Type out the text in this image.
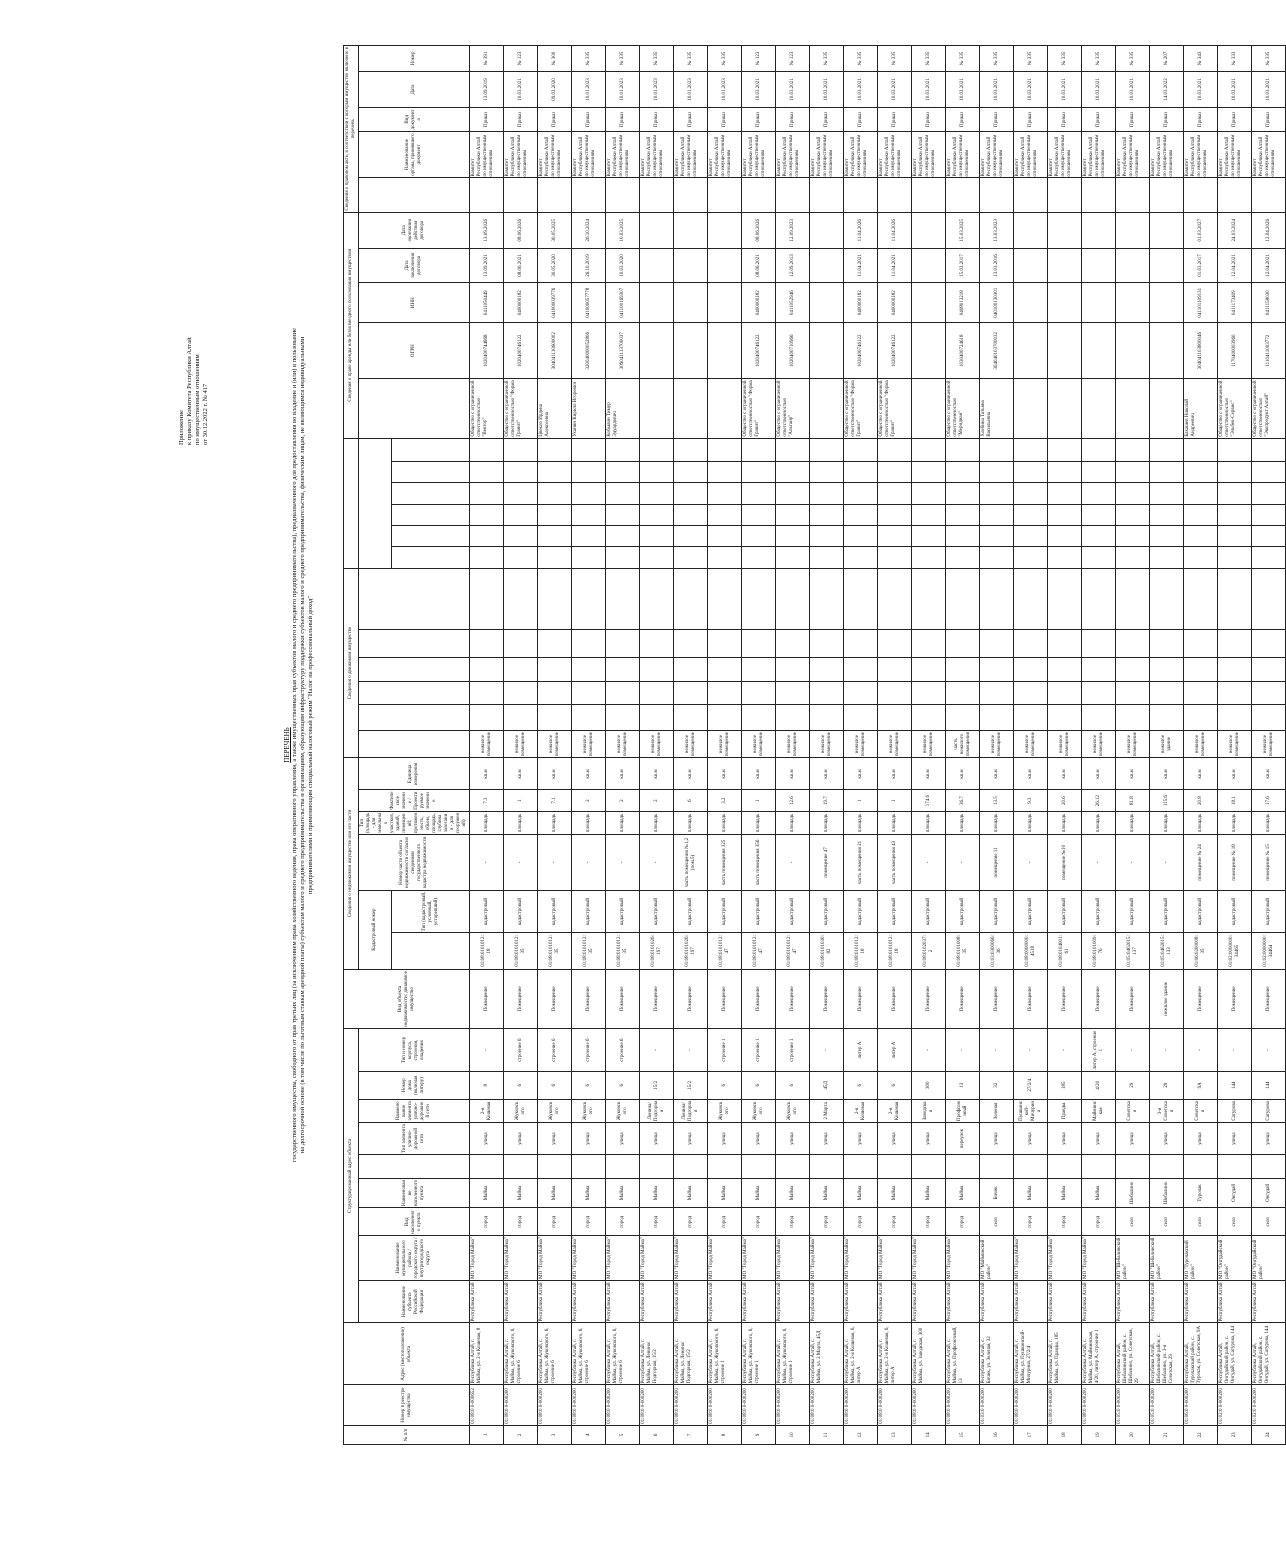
Приложение к приказу Комитета Республики Алтай по имущественным отношениям от 30.12.2022 г. № 417
ПЕРЕЧЕНЬ государственного имущества, свободного от прав третьих лиц (за исключением права хозяйственного ведения, права оперативного управления, а также имущественных прав субъектов малого и среднего предпринимательства), предназначенного для предоставления во владение и (или) в пользование на долгосрочной основе (в том числе по льготным ставкам арендной платы) субъектам малого и среднего предпринимательства и организациям, образующим инфраструктуру поддержки субъектов малого и среднего предпринимательства, физическим лицам, не являющимся индивидуальными предпринимателями и применяющим специальный налоговый режим "Налог на профессиональный доход"
№ п/п	Номер в реестре имущества	Адрес (местоположение) объекта	Структурированный адрес объекта									Вид объекта недвижимости; движимое имущество	Сведения о недвижимом имуществе или его части						Сведения о движимом имуществе												Сведения о праве аренды или безвозмездного пользования имуществом					Сведения о правовом акте, в соответствии с которым имущество включено в перечень				
			Наименование субъекта Российской Федерации	Наименование муниципального района / городского округа / внутригородского округа	Вид населенного пункта	Наименование населенного пункта		Тип элемента улично-дорожной сети	Наименование элемента улично-дорожной сети	Номер дома (включая литеру)	Тип и номер корпуса, строения, владения		Кадастровый номер		Номер части объекта недвижимости согласно сведениям государственного кадастра недвижимости	Тип (площадь - для земельных участков, зданий, помещений; протяженность, объем, площадь, глубина залегания - для сооружений)	Фактическое значение / Проектируемое значение	Единица измерения														ОГРН	ИНН	Дата заключения договора	Дата окончания действия договора		Наименование органа, принявшего документ	Вид документа	Дата	Номер
														Тип (кадастровый, условный, устаревший)																										
1	01:08:0 0-000652	Республика Алтай, г. Майма, ул. 2-я Кошевая, 8	Республика Алтай	МО "Город Майма"	город	Майма		улица	2-я Кошевая	8	-	Помещение	01:08:0101012:18	кадастровый	-	площадь	7.3	кв.м	нежилое помещение												Общество с ограниченной ответственностью "Вектор"	1020400744868	0411050449	13.09.2021	13.09.2026		Комитет Республики Алтай по имущественным отношениям	Приказ	13.09.2019	№ 391
2	01:08:0 0-000200	Республика Алтай, г. Майма, ул. Жуковского, 6, строение 6	Республика Алтай	МО "Город Майма"	город	Майма		улица	Жуковского	6	строение 6	Помещение	01:08:0101012:35	кадастровый	-	площадь	1	кв.м	нежилое помещение												Общество с ограниченной ответственностью "Форма Гранит"	1020400746122	0400000182	08.06.2021	08.06.2026		Комитет Республики Алтай по имущественным отношениям	Приказ	10.03.2021	№ 123
3	01:08:0 0-000200	Республика Алтай, г. Майма, ул. Жуковского, 6, строение 6	Республика Алтай	МО "Город Майма"	город	Майма		улица	Жуковского	6	строение 6	Помещение	01:08:0101012:35	кадастровый	-	площадь	7.1	кв.м	нежилое помещение												Цвекло Ирдена Алексеевна	304041110600002	041000039776	30.05.2020	30.05.2025		Комитет Республики Алтай по имущественным отношениям	Приказ	09.03.2020	№ 300
4	01:08:0 0-000200	Республика Алтай, г. Майма, ул. Жуковского, 6, строение 6	Республика Алтай	МО "Город Майма"	город	Майма		улица	Жуковского	6	строение 6	Помещение	01:08:0101012:35	кадастровый	-	площадь	2	кв.м	нежилое помещение												Уханин Кирилл Игоревич	320040000052806	041000057778	26.10.2019	26.10.2024		Комитет Республики Алтай по имущественным отношениям	Приказ	10.01.2023	№ 335
5	01:08:0 0-000200	Республика Алтай, г. Майма, ул. Жуковского, 6, строение 6	Республика Алтай	МО "Город Майма"	город	Майма		улица	Жуковского	6	строение 6	Помещение	01:08:0101012:35	кадастровый	-	площадь	2	кв.м	нежилое помещение												Кобылин Тимур Эдуардович	309041113700037	041100169307	10.03.2020	10.03.2025		Комитет Республики Алтай по имущественным отношениям	Приказ	10.01.2023	№ 335
6	01:08:0 0-000200	Республика Алтай, г. Майма, ул. Ленина/Подгорная, 15/2	Республика Алтай	МО "Город Майма"	город	Майма		улица	Ленина/Подгорная	15/2	-	Помещение	01:08:0101026:197	кадастровый	-	площадь	2	кв.м	нежилое помещение																		Комитет Республики Алтай по имущественным отношениям	Приказ	10.01.2023	№ 335
7	01:08:0 0-000200	Республика Алтай, г. Майма, ул. Ленина/Подгорная, 15/2	Республика Алтай	МО "Город Майма"	город	Майма		улица	Ленина/Подгорная	15/2	-	Помещение	01:08:0101026:197	кадастровый	часть помещения №1,2 (пом.5)	площадь	6	кв.м	нежилое помещение																		Комитет Республики Алтай по имущественным отношениям	Приказ	10.01.2023	№ 335
8	01:08:0 0-000200	Республика Алтай, г. Майма, ул. Жуковского, 6, строение 1	Республика Алтай	МО "Город Майма"	город	Майма		улица	Жуковского	6	строение 1	Помещение	01:08:0101012:47	кадастровый	часть помещения 325	площадь	3.2	кв.м	нежилое помещение																		Комитет Республики Алтай по имущественным отношениям	Приказ	10.01.2023	№ 335
9	01:08:0 0-000200	Республика Алтай, г. Майма, ул. Жуковского, 6, строение 1	Республика Алтай	МО "Город Майма"	город	Майма		улица	Жуковского	6	строение 1	Помещение	01:08:0101012:47	кадастровый	часть помещения 356	площадь	1	кв.м	нежилое помещение												Общество с ограниченной ответственностью "Форма Гранит"	1020400746122	0400000182	08.06.2021	08.06.2026		Комитет Республики Алтай по имущественным отношениям	Приказ	10.03.2021	№ 123
10	01:08:0 0-000200	Республика Алтай, г. Майма, ул. Жуковского, 6, строение 1	Республика Алтай	МО "Город Майма"	город	Майма		улица	Жуковского	6	строение 1	Помещение	01:08:0101012:47	кадастровый	-	площадь	12.6	кв.м	нежилое помещение												Общество с ограниченной ответственностью "Альтаир"	1020400710966	0411052946	12.09.2013	12.09.2023		Комитет Республики Алтай по имущественным отношениям	Приказ	10.03.2021	№ 123
11	01:08:0 0-000200	Республика Алтай, г. Майма, ул. 2 Марта, 45Д	Республика Алтай	МО "Город Майма"	город	Майма		улица	2 Марта	45Д	-	Помещение	01:08:0101030:82	кадастровый	помещение 47	площадь	19.7	кв.м	нежилое помещение																		Комитет Республики Алтай по имущественным отношениям	Приказ	10.03.2021	№ 335
12	01:08:0 0-000200	Республика Алтай, г. Майма, ул. 2-я Кошевая, 6, литер А	Республика Алтай	МО "Город Майма"	город	Майма		улица	2-я Кошевая	6	литер А	Помещение	01:08:0101012:18	кадастровый	часть помещения 21	площадь	1	кв.м	нежилое помещение												Общество с ограниченной ответственностью "Форма Гранит"	1020400746122	0400000182	11.04.2021	11.04.2026		Комитет Республики Алтай по имущественным отношениям	Приказ	10.03.2021	№ 335
13	01:08:0 0-000200	Республика Алтай, г. Майма, ул. 2-я Кошевая, 6, литер А	Республика Алтай	МО "Город Майма"	город	Майма		улица	2-я Кошевая	6	литер А	Помещение	01:08:0101012:18	кадастровый	часть помещения 43	площадь	1	кв.м	нежилое помещение												Общество с ограниченной ответственностью "Форма Гранит"	1020400746122	0400000182	11.04.2021	11.04.2026		Комитет Республики Алтай по имущественным отношениям	Приказ	10.03.2021	№ 335
14	01:08:0 0-000200	Республика Алтай, г. Майма, ул. Заводская, 300	Республика Алтай	МО "Город Майма"	город	Майма		улица	Заводская	300	-	Помещение	01:08:0102037:2	кадастровый	-	площадь	174.6	кв.м	нежилое помещение																		Комитет Республики Алтай по имущественным отношениям	Приказ	10.03.2021	№ 335
15	01:08:0 0-000200	Республика Алтай, г. Майма, ул. Профсоюзный, 13	Республика Алтай	МО "Город Майма"	город	Майма		переулок	Профсоюзный	13	-	Помещение	01:08:0101008:35	кадастровый	-	площадь	36.7	кв.м	часть нежилого помещения												Общество с ограниченной ответственностью "Меридиан"	1030400724618	0408013218	15.03.2017	15.03.2025		Комитет Республики Алтай по имущественным отношениям	Приказ	10.03.2021	№ 335
16	01:03:0 0-000200	Республика Алтай, с. Бичик, ул. Зеленая, 32	Республика Алтай	МО "Майминский район"	село	Бичик		улица	Зеленая	32	-	Помещение	01:03:0300066:36	кадастровый	помещение 11	площадь	13.5	кв.м	нежилое помещение												Хлебина Татьяна Васильевна	304040103700032	040100130301	13.03.2016	13.03.2023		Комитет Республики Алтай по имущественным отношениям	Приказ	10.03.2021	№ 335
17	01:08:0 0-000200	Республика Алтай, г. Майма, ул. Пушкинской-Мичурина, 27/2/4	Республика Алтай	МО "Город Майма"	город	Майма		улица	Пушкинской-Мичурина	27/2/4	-	Помещение	01:08:0000000:4518	кадастровый	-	площадь	9.3	кв.м	нежилое помещение																		Комитет Республики Алтай по имущественным отношениям	Приказ	10.03.2021	№ 335
18	01:08:0 0-000200	Республика Алтай, г. Майма, ул. Правды, 185	Республика Алтай	МО "Город Майма"	город	Майма		улица	Правды	185	-	Помещение	01:08:0104001:61	кадастровый	помещение №10	площадь	20.6	кв.м	нежилое помещение																		Комитет Республики Алтай по имущественным отношениям	Приказ	10.03.2021	№ 335
19	01:08:0 0-000200	Республика Алтай, г. Майма, ул. Майминская, 4/20, литер А, строение 1	Республика Алтай	МО "Город Майма"	город	Майма		улица	Майминская	4/20	литер А, строение 1	Помещение	01:08:0101009:76	кадастровый	-	площадь	26.12	кв.м	нежилое помещение																		Комитет Республики Алтай по имущественным отношениям	Приказ	10.03.2021	№ 335
20	01:05:0 0-000200	Республика Алтай, Шебалинский район, с. Шебалино, ул. Советская, 29	Республика Алтай	МО "Шебалинский район"	село	Шебалино		улица	Советская	29	-	Помещение	01:05:0402015:137	кадастровый	-	площадь	81.8	кв.м	нежилое помещение																		Комитет Республики Алтай по имущественным отношениям	Приказ	10.03.2021	№ 335
21	01:05:0 0-000200	Республика Алтай, Шебалинский район, с. Шебалино, ул. 3-я Советская, 29	Республика Алтай	МО "Шебалинский район"	село	Шебалино		улица	3-я Советская	29	-	нежилое здание	01:05:0402015:133	кадастровый	-	площадь	115.6	кв.м	нежилое здание																		Комитет Республики Алтай по имущественным отношениям	Приказ	14.03.2022	№ 207
22	01:06:0 0-000200	Республика Алтай, Турочакский район, с. Турочак, ул. Советская, 9А	Республика Алтай	МО "Турочакский район"	село	Турочак		улица	Советская	9А	-	Помещение	01:06:0200008:35	кадастровый	помещение № 24	площадь	20.8	кв.м	нежилое помещение												Бахашев Николай Андреевич	304041103800046	041101109131	01.03.2017	01.03.2027		Комитет Республики Алтай по имущественным отношениям	Приказ	10.03.2021	№ 343
23	01:02:0 0-000200	Республика Алтай, Онгудайский район, с. Онгудай, ул. Сатурова, 144	Республика Алтай	МО "Онгудайский район"	село	Онгудай		улица	Сатурова	144	-	Помещение	01:02:0000000:34465	кадастровый	помещение № 18	площадь	18.1	кв.м	нежилое помещение												Общество с ограниченной ответственностью "Эльбек-Сервис"	1170400003960	0411173409	12.04.2021	24.03.2024		Комитет Республики Алтай по имущественным отношениям	Приказ	10.03.2021	№ 333
24	01:02:0 0-000200	Республика Алтай, Онгудайский район, с. Онгудай, ул. Сатурова, 144	Республика Алтай	МО "Онгудайский район"	село	Онгудай		улица	Сатурова	144	-	Помещение	01:02:0000000:34464	кадастровый	помещение № 15	площадь	17.6	кв.м	нежилое помещение												Общество с ограниченной ответственностью "Экопродукт Алтай"	1110411003772	0411158030	12.04.2021	12.04.2026		Комитет Республики Алтай по имущественным отношениям	Приказ	10.03.2021	№ 335
